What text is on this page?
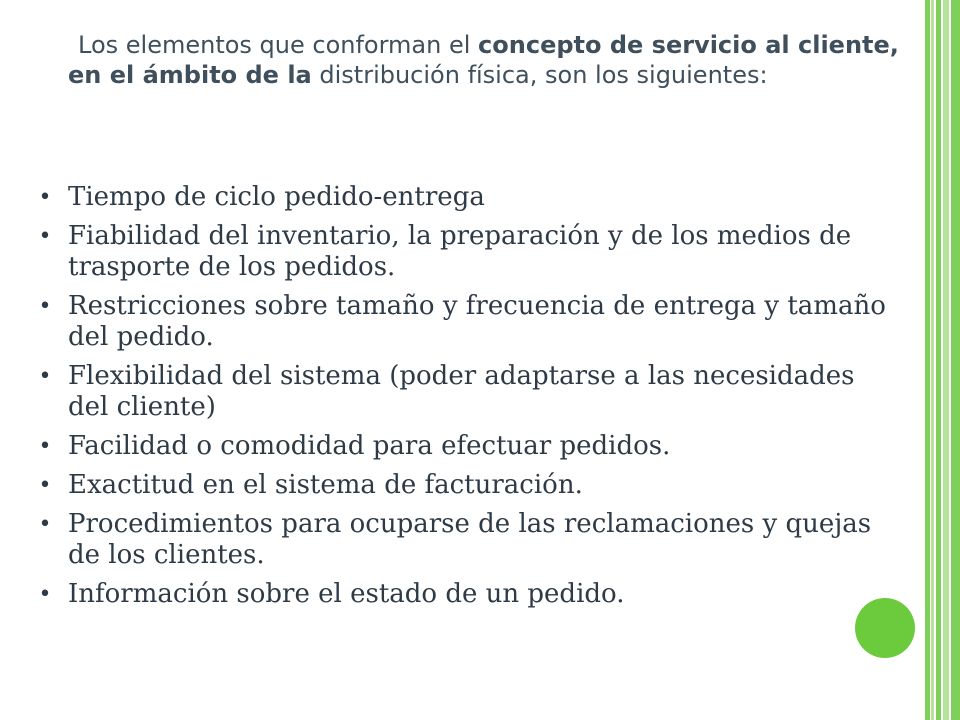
Los elementos que conforman el concepto de servicio al cliente, en el ámbito de la distribución física, son los siguientes:

• Tiempo de ciclo pedido-entrega
• Fiabilidad del inventario, la preparación y de los medios de trasporte de los pedidos.
• Restricciones sobre tamaño y frecuencia de entrega y tamaño del pedido.
• Flexibilidad del sistema (poder adaptarse a las necesidades del cliente)
• Facilidad o comodidad para efectuar pedidos.
• Exactitud en el sistema de facturación.
• Procedimientos para ocuparse de las reclamaciones y quejas de los clientes.
• Información sobre el estado de un pedido.
